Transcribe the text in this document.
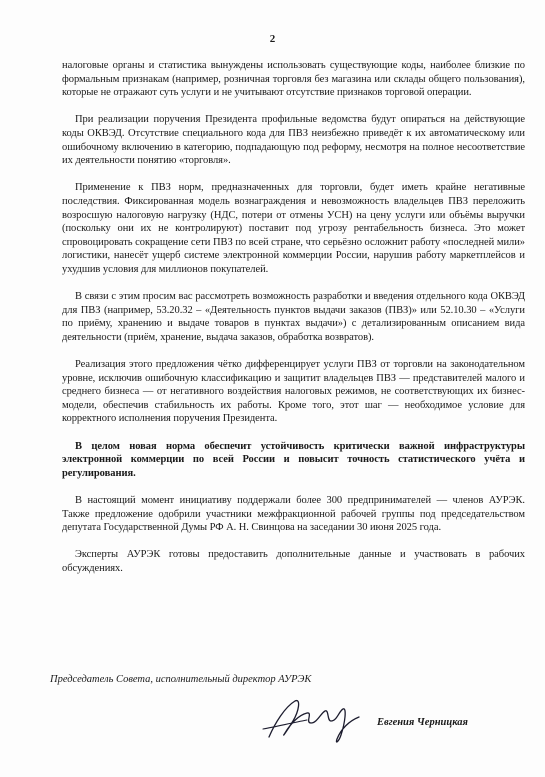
2

налоговые органы и статистика вынуждены использовать существующие коды, наиболее близкие по формальным признакам (например, розничная торговля без магазина или склады общего пользования), которые не отражают суть услуги и не учитывают отсутствие признаков торговой операции.

При реализации поручения Президента профильные ведомства будут опираться на действующие коды ОКВЭД. Отсутствие специального кода для ПВЗ неизбежно приведёт к их автоматическому или ошибочному включению в категорию, подпадающую под реформу, несмотря на полное несоответствие их деятельности понятию «торговля».

Применение к ПВЗ норм, предназначенных для торговли, будет иметь крайне негативные последствия. Фиксированная модель вознаграждения и невозможность владельцев ПВЗ переложить возросшую налоговую нагрузку (НДС, потери от отмены УСН) на цену услуги или объёмы выручки (поскольку они их не контролируют) поставит под угрозу рентабельность бизнеса. Это может спровоцировать сокращение сети ПВЗ по всей стране, что серьёзно осложнит работу «последней мили» логистики, нанесёт ущерб системе электронной коммерции России, нарушив работу маркетплейсов и ухудшив условия для миллионов покупателей.

В связи с этим просим вас рассмотреть возможность разработки и введения отдельного кода ОКВЭД для ПВЗ (например, 53.20.32 – «Деятельность пунктов выдачи заказов (ПВЗ)» или 52.10.30 – «Услуги по приёму, хранению и выдаче товаров в пунктах выдачи») с детализированным описанием вида деятельности (приём, хранение, выдача заказов, обработка возвратов).

Реализация этого предложения чётко дифференцирует услуги ПВЗ от торговли на законодательном уровне, исключив ошибочную классификацию и защитит владельцев ПВЗ — представителей малого и среднего бизнеса — от негативного воздействия налоговых режимов, не соответствующих их бизнес-модели, обеспечив стабильность их работы. Кроме того, этот шаг — необходимое условие для корректного исполнения поручения Президента.

В целом новая норма обеспечит устойчивость критически важной инфраструктуры электронной коммерции по всей России и повысит точность статистического учёта и регулирования.

В настоящий момент инициативу поддержали более 300 предпринимателей — членов АУРЭК. Также предложение одобрили участники межфракционной рабочей группы под председательством депутата Государственной Думы РФ А. Н. Свинцова на заседании 30 июня 2025 года.

Эксперты АУРЭК готовы предоставить дополнительные данные и участвовать в рабочих обсуждениях.

Председатель Совета, исполнительный директор АУРЭК
Евгения Черницкая
